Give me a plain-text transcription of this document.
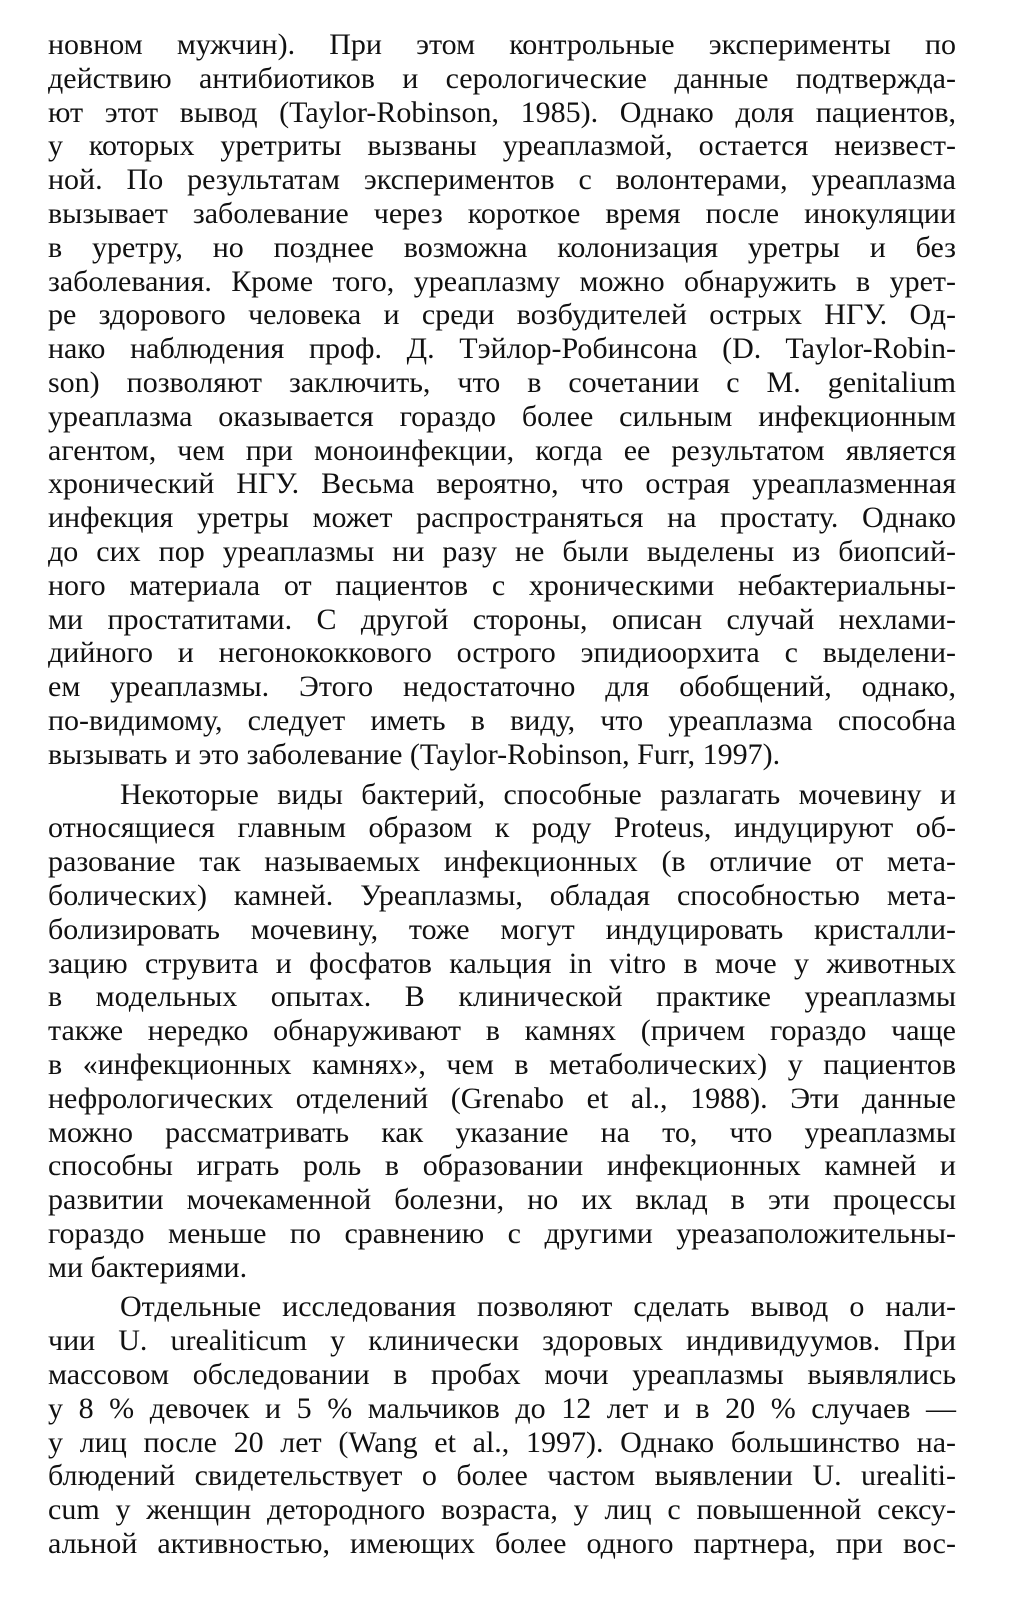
новном мужчин). При этом контрольные эксперименты по
действию антибиотиков и серологические данные подтвержда-
ют этот вывод (Taylor-Robinson, 1985). Однако доля пациентов,
у которых уретриты вызваны уреаплазмой, остается неизвест-
ной. По результатам экспериментов с волонтерами, уреаплазма
вызывает заболевание через короткое время после инокуляции
в уретру, но позднее возможна колонизация уретры и без
заболевания. Кроме того, уреаплазму можно обнаружить в урет-
ре здорового человека и среди возбудителей острых НГУ. Од-
нако наблюдения проф. Д. Тэйлор-Робинсона (D. Taylor-Robin-
son) позволяют заключить, что в сочетании с M. genitalium
уреаплазма оказывается гораздо более сильным инфекционным
агентом, чем при моноинфекции, когда ее результатом является
хронический НГУ. Весьма вероятно, что острая уреаплазменная
инфекция уретры может распространяться на простату. Однако
до сих пор уреаплазмы ни разу не были выделены из биопсий-
ного материала от пациентов с хроническими небактериальны-
ми простатитами. С другой стороны, описан случай нехлами-
дийного и негонококкового острого эпидиоорхита с выделени-
ем уреаплазмы. Этого недостаточно для обобщений, однако,
по-видимому, следует иметь в виду, что уреаплазма способна
вызывать и это заболевание (Taylor-Robinson, Furr, 1997).
Некоторые виды бактерий, способные разлагать мочевину и
относящиеся главным образом к роду Proteus, индуцируют об-
разование так называемых инфекционных (в отличие от мета-
болических) камней. Уреаплазмы, обладая способностью мета-
болизировать мочевину, тоже могут индуцировать кристалли-
зацию струвита и фосфатов кальция in vitro в моче у животных
в модельных опытах. В клинической практике уреаплазмы
также нередко обнаруживают в камнях (причем гораздо чаще
в «инфекционных камнях», чем в метаболических) у пациентов
нефрологических отделений (Grenabo et al., 1988). Эти данные
можно рассматривать как указание на то, что уреаплазмы
способны играть роль в образовании инфекционных камней и
развитии мочекаменной болезни, но их вклад в эти процессы
гораздо меньше по сравнению с другими уреазаположительны-
ми бактериями.
Отдельные исследования позволяют сделать вывод о нали-
чии U. urealiticum у клинически здоровых индивидуумов. При
массовом обследовании в пробах мочи уреаплазмы выявлялись
у 8 % девочек и 5 % мальчиков до 12 лет и в 20 % случаев —
у лиц после 20 лет (Wang et al., 1997). Однако большинство на-
блюдений свидетельствует о более частом выявлении U. urealiti-
cum у женщин детородного возраста, у лиц с повышенной сексу-
альной активностью, имеющих более одного партнера, при вос-
